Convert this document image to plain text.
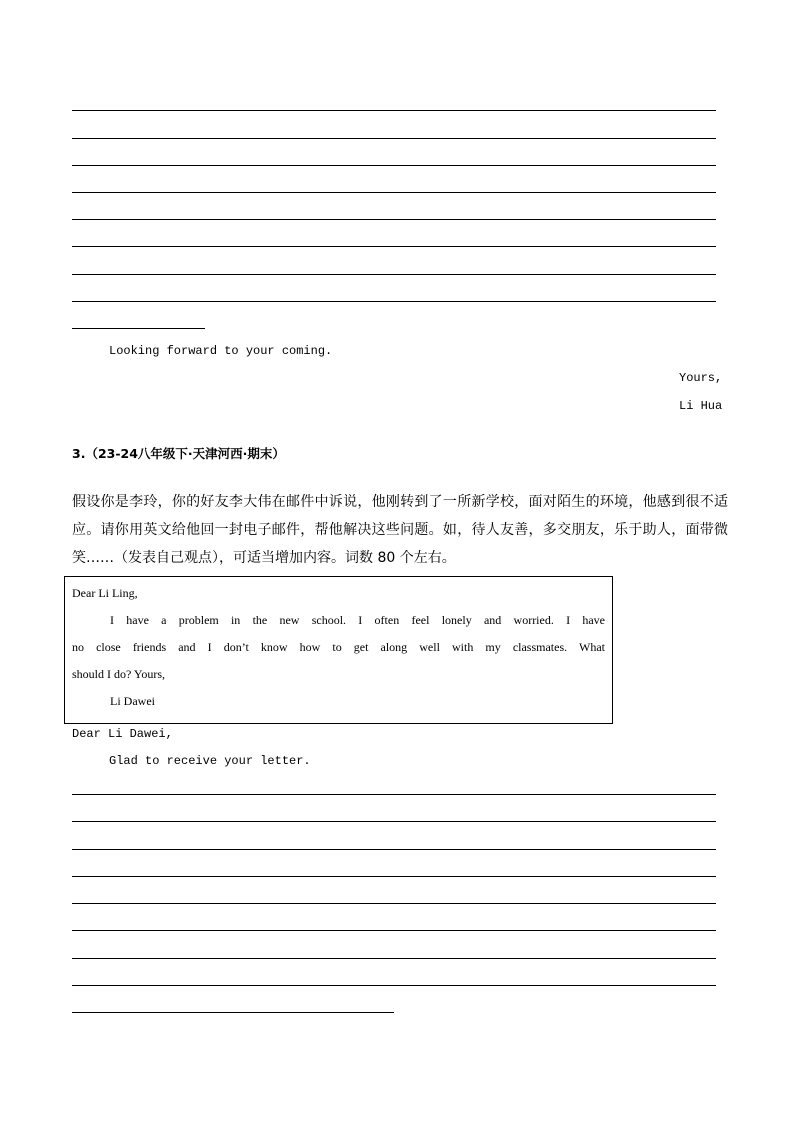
Looking forward to your coming.
Yours,
Li Hua
3.（23-24八年级下·天津河西·期末）
假设你是李玲，你的好友李大伟在邮件中诉说，他刚转到了一所新学校，面对陌生的环境，他感到很不适
应。请你用英文给他回一封电子邮件，帮他解决这些问题。如，待人友善，多交朋友，乐于助人，面带微
笑……（发表自己观点），可适当增加内容。词数 80 个左右。
Dear Li Ling,
I have a problem in the new school. I often feel lonely and worried. I have
no close friends and I don’t know how to get along well with my classmates. What
should I do? Yours,
Li Dawei
Dear Li Dawei,
Glad to receive your letter.
